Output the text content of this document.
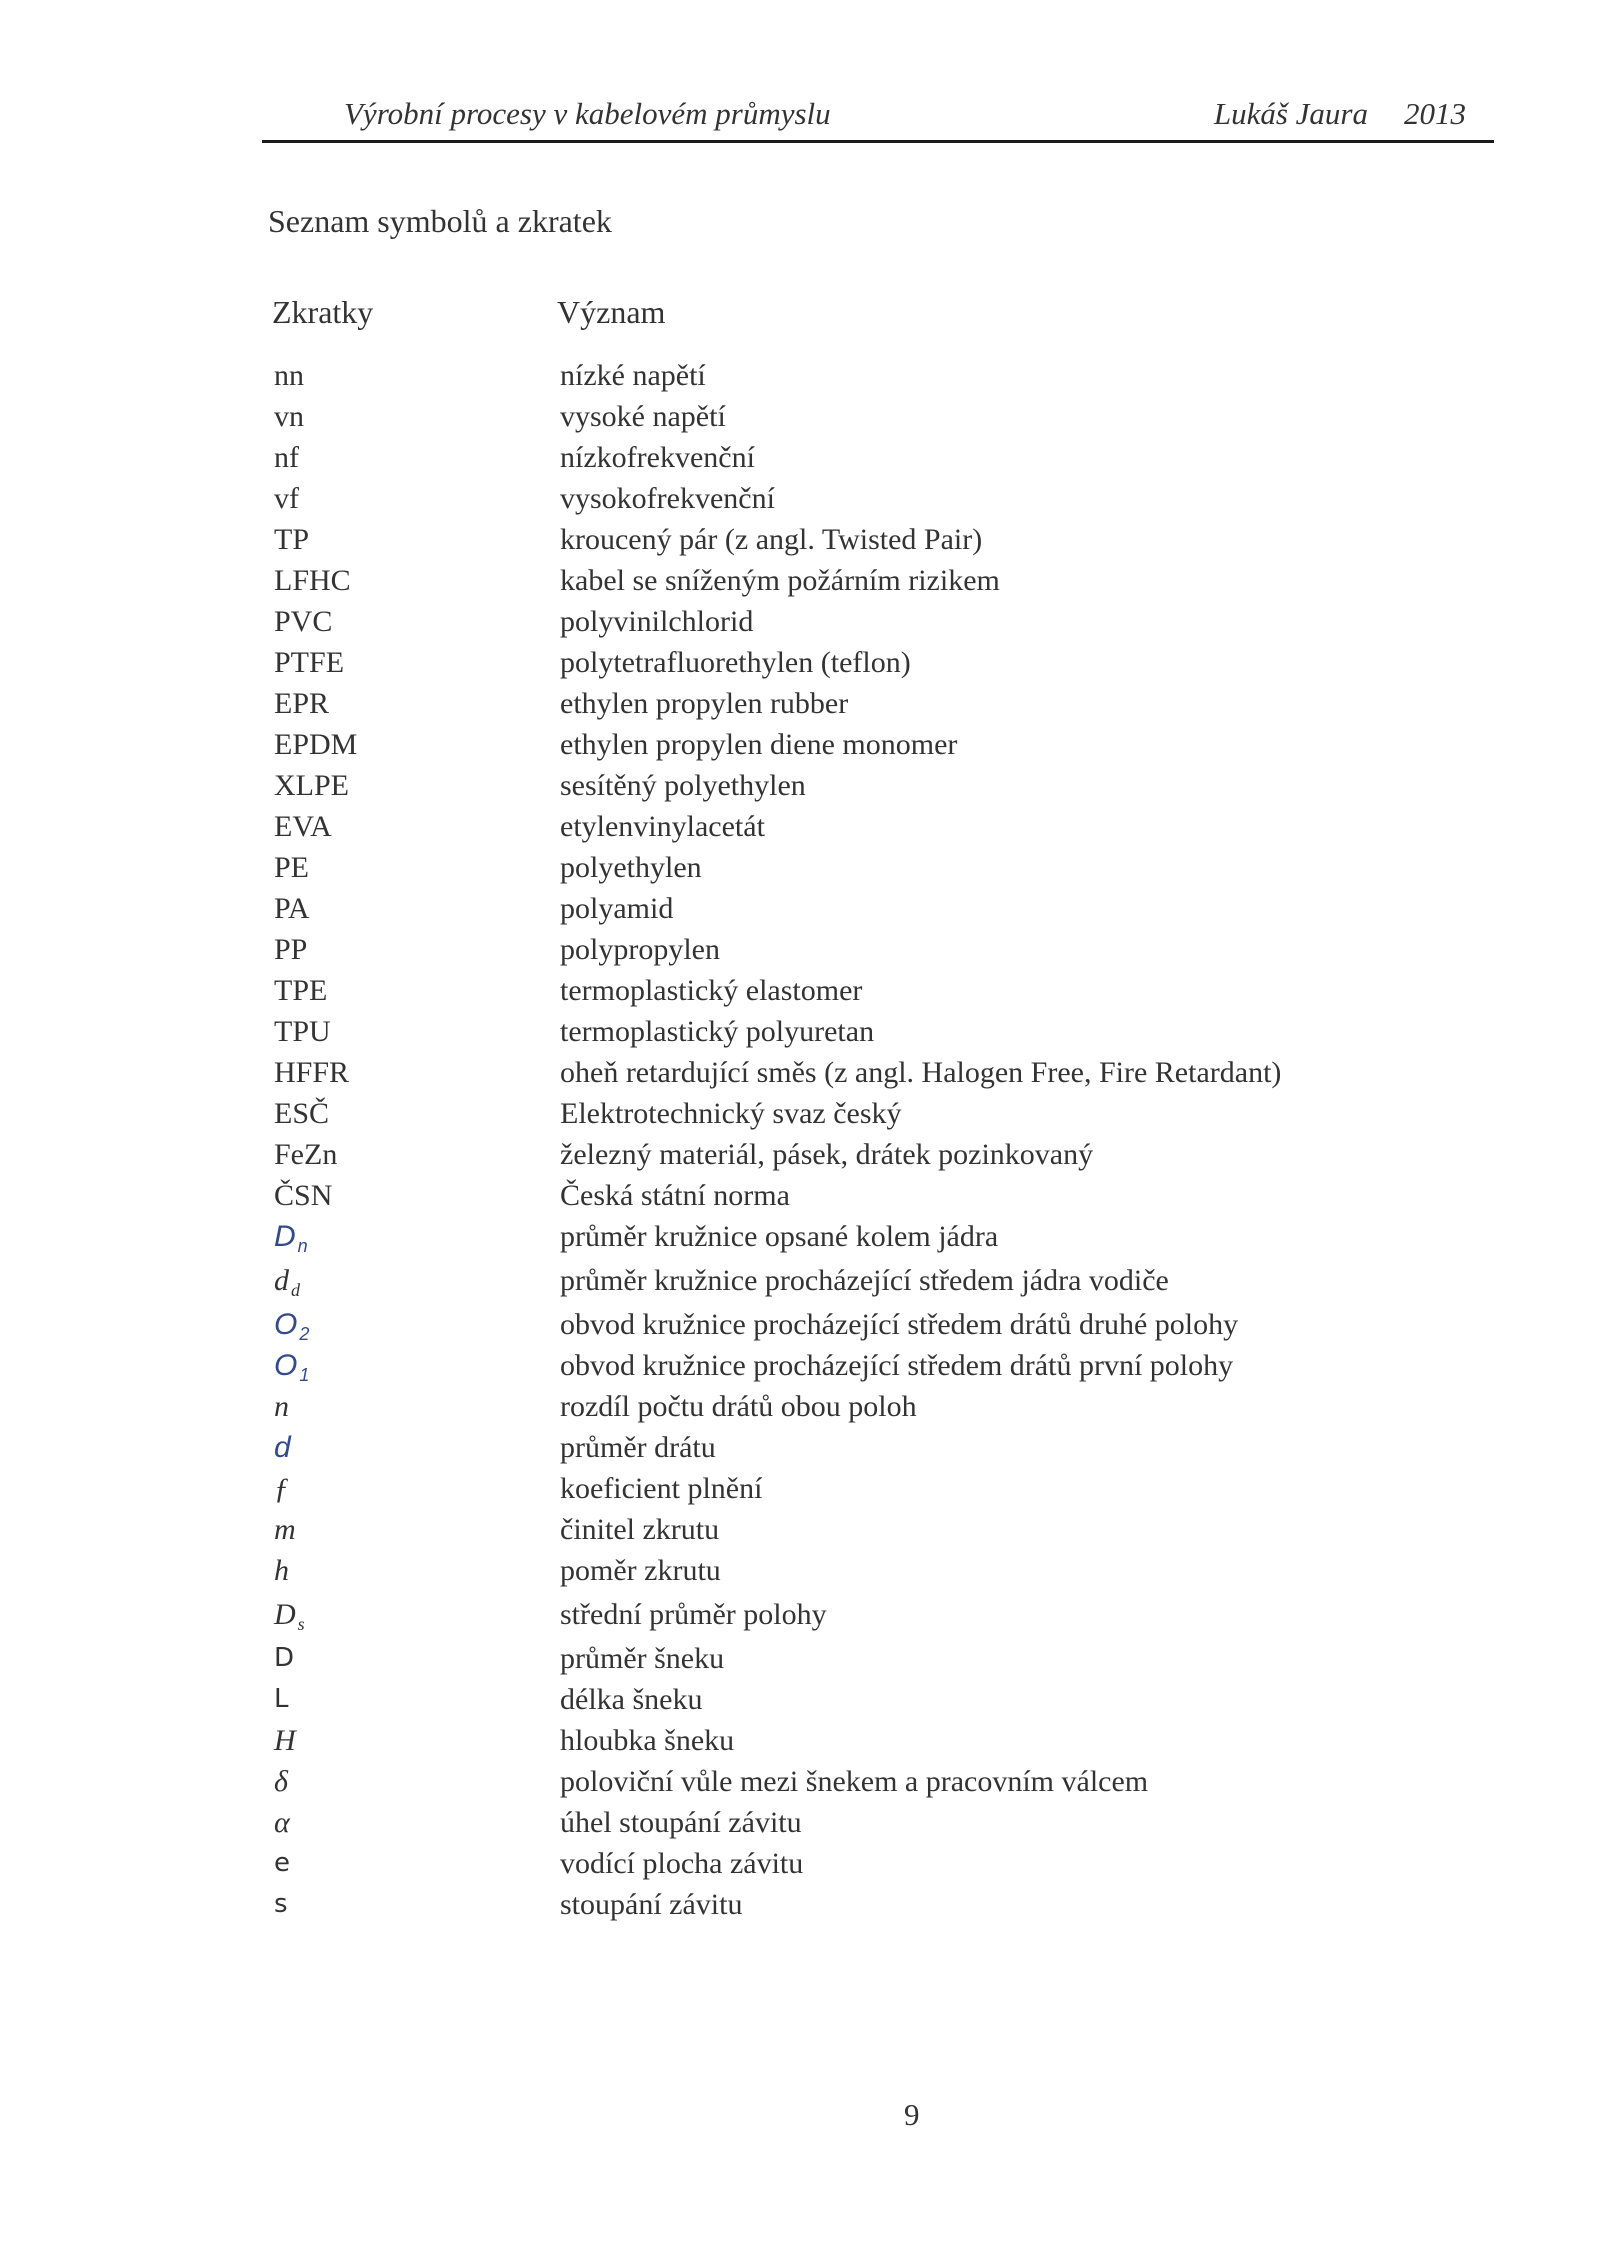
Výrobní procesy v kabelovém průmyslu	Lukáš Jaura 2013
Seznam symbolů a zkratek
Zkratky	Význam
nn	nízké napětí
vn	vysoké napětí
nf	nízkofrekvenční
vf	vysokofrekvenční
TP	kroucený pár (z angl. Twisted Pair)
LFHC	kabel se sníženým požárním rizikem
PVC	polyvinilchlorid
PTFE	polytetrafluorethylen (teflon)
EPR	ethylen propylen rubber
EPDM	ethylen propylen diene monomer
XLPE	sesítěný polyethylen
EVA	etylenvinylacetát
PE	polyethylen
PA	polyamid
PP	polypropylen
TPE	termoplastický elastomer
TPU	termoplastický polyuretan
HFFR	oheň retardující směs (z angl. Halogen Free, Fire Retardant)
ESČ	Elektrotechnický svaz český
FeZn	železný materiál, pásek, drátek pozinkovaný
ČSN	Česká státní norma
D $_n$	průměr kružnice opsané kolem jádra
d $_d$	průměr kružnice procházející středem jádra vodiče
O $_2$	obvod kružnice procházející středem drátů druhé polohy
O $_1$	obvod kružnice procházející středem drátů první polohy
n	rozdíl počtu drátů obou poloh
d	průměr drátu
ƒ	koeficient plnění
m	činitel zkrutu
h	poměr zkrutu
D $_s$	střední průměr polohy
D	průměr šneku
L	délka šneku
H	hloubka šneku
δ	poloviční vůle mezi šnekem a pracovním válcem
α	úhel stoupání závitu
e	vodící plocha závitu
s	stoupání závitu
9
